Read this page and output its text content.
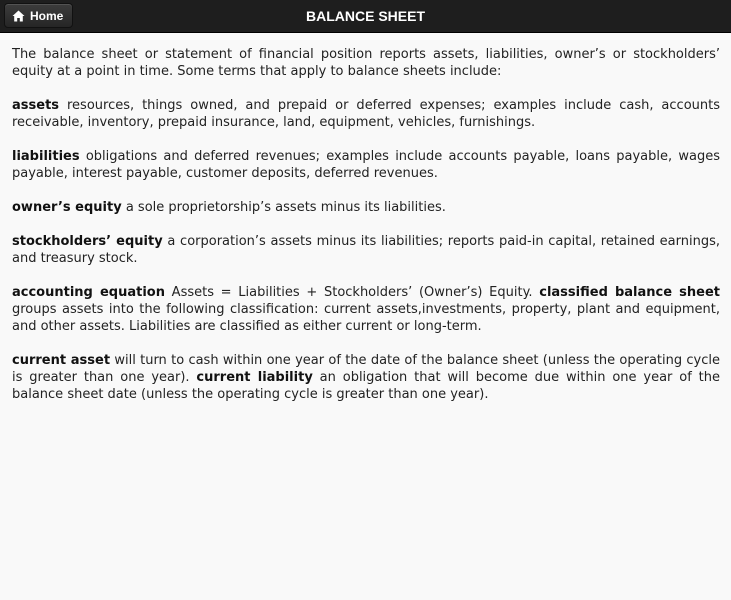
Home	BALANCE SHEET

The balance sheet or statement of financial position reports assets, liabilities, owner’s or stockholders’ equity at a point in time. Some terms that apply to balance sheets include:

assets resources, things owned, and prepaid or deferred expenses; examples include cash, accounts receivable, inventory, prepaid insurance, land, equipment, vehicles, furnishings.

liabilities obligations and deferred revenues; examples include accounts payable, loans payable, wages payable, interest payable, customer deposits, deferred revenues.

owner’s equity a sole proprietorship’s assets minus its liabilities.

stockholders’ equity a corporation’s assets minus its liabilities; reports paid-in capital, retained earnings, and treasury stock.

accounting equation Assets = Liabilities + Stockholders’ (Owner’s) Equity. classified balance sheet groups assets into the following classification: current assets,investments, property, plant and equipment, and other assets. Liabilities are classified as either current or long-term.

current asset will turn to cash within one year of the date of the balance sheet (unless the operating cycle is greater than one year). current liability an obligation that will become due within one year of the balance sheet date (unless the operating cycle is greater than one year).
